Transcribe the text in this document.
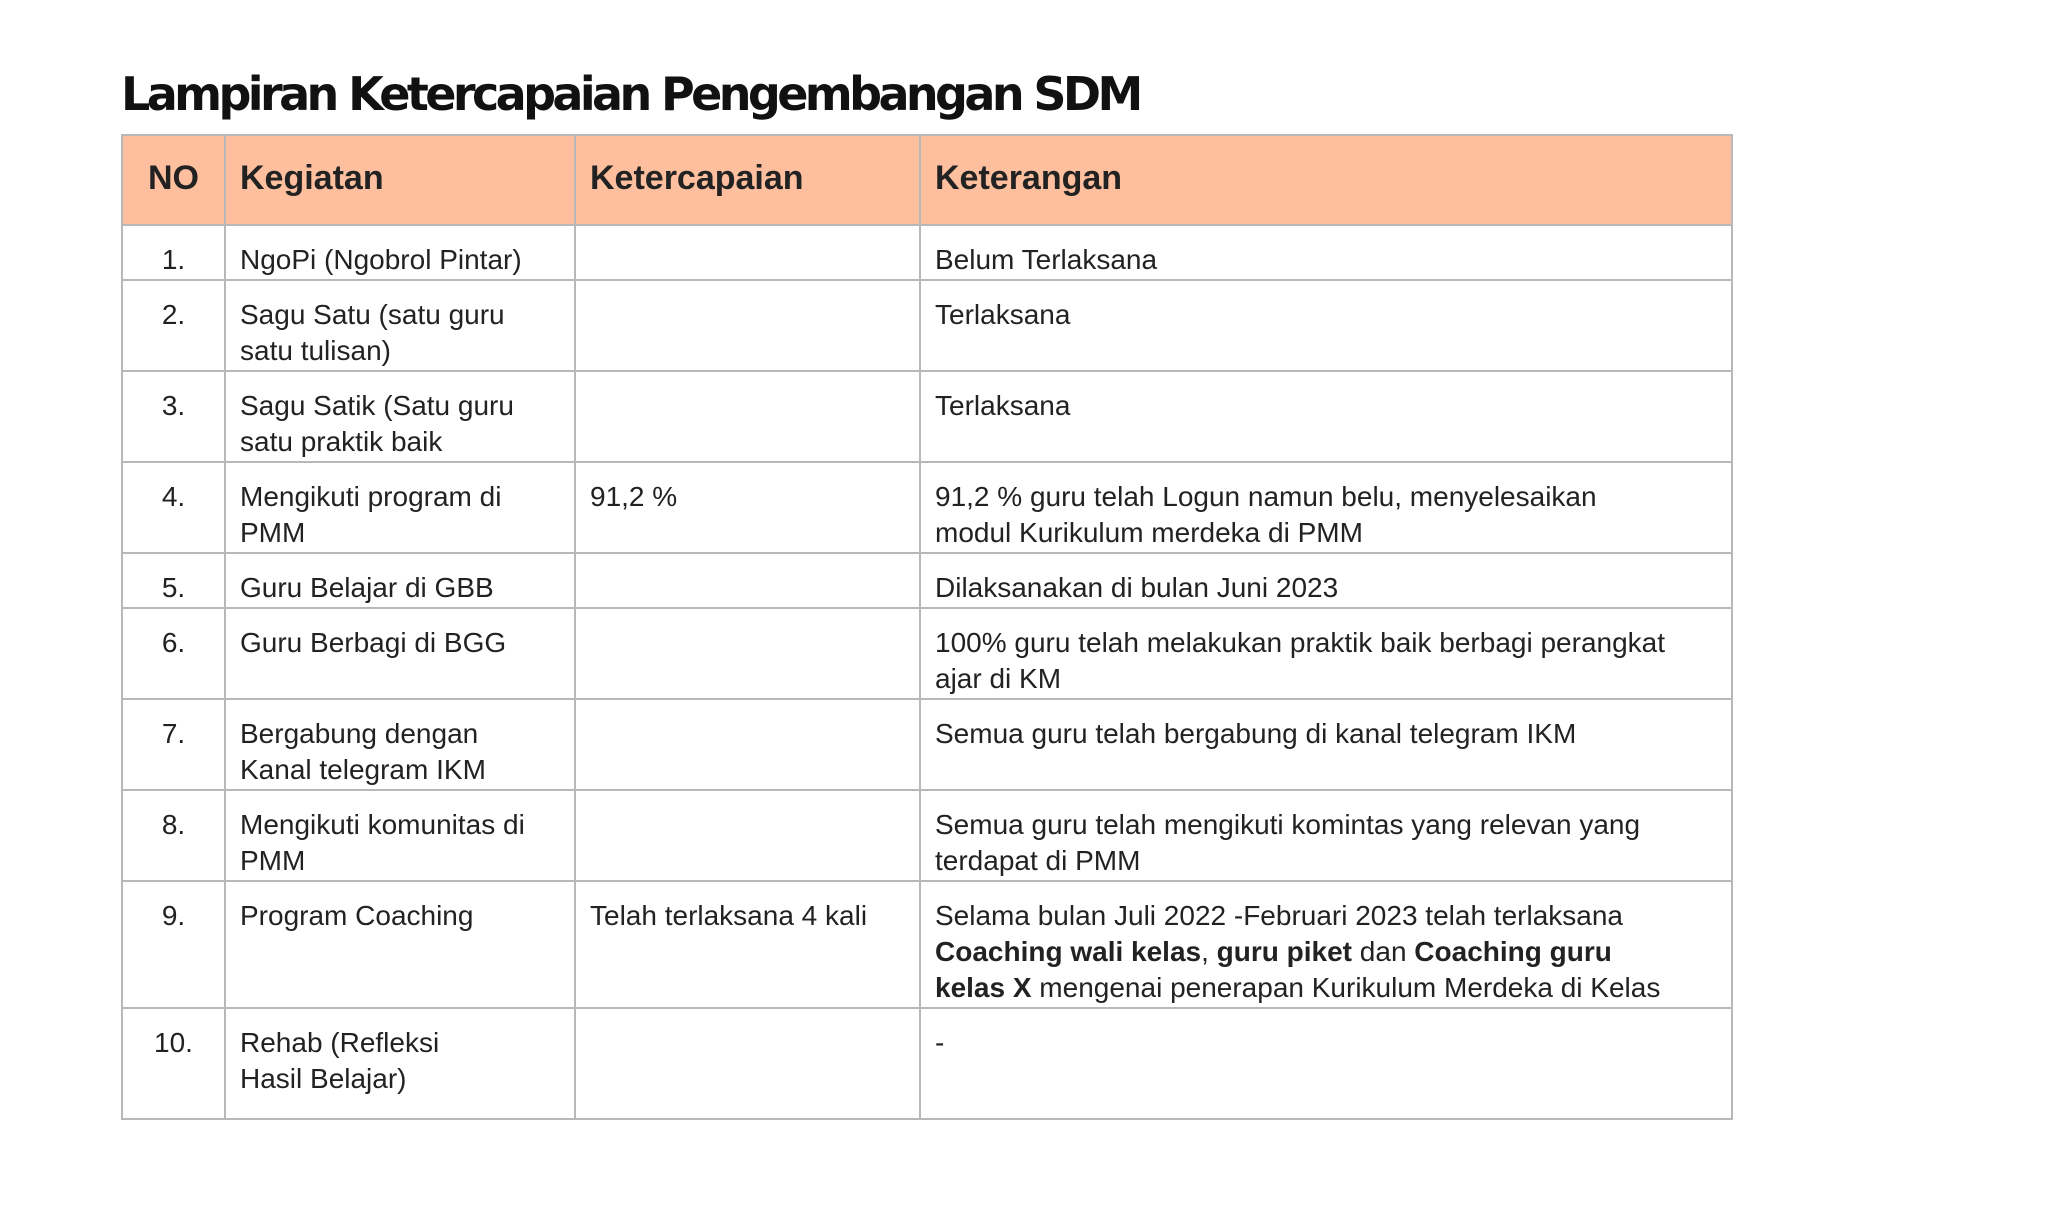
Lampiran Ketercapaian Pengembangan SDM
NO	Kegiatan	Ketercapaian	Keterangan
1.	NgoPi (Ngobrol Pintar)		Belum Terlaksana
2.	Sagu Satu (satu guru
satu tulisan)		Terlaksana
3.	Sagu Satik (Satu guru
satu praktik baik		Terlaksana
4.	Mengikuti program di
PMM	91,2 %	91,2 % guru telah Logun namun belu, menyelesaikan
modul Kurikulum merdeka di PMM
5.	Guru Belajar di GBB		Dilaksanakan di bulan Juni 2023
6.	Guru Berbagi di BGG		100% guru telah melakukan praktik baik berbagi perangkat
ajar di KM
7.	Bergabung dengan
Kanal telegram IKM		Semua guru telah bergabung di kanal telegram IKM
8.	Mengikuti komunitas di
PMM		Semua guru telah mengikuti komintas yang relevan yang
terdapat di PMM
9.	Program Coaching	Telah terlaksana 4 kali	Selama bulan Juli 2022 -Februari 2023 telah terlaksana
Coaching wali kelas, guru piket dan Coaching guru
kelas X mengenai penerapan Kurikulum Merdeka di Kelas
10.	Rehab (Refleksi
Hasil Belajar)		-
